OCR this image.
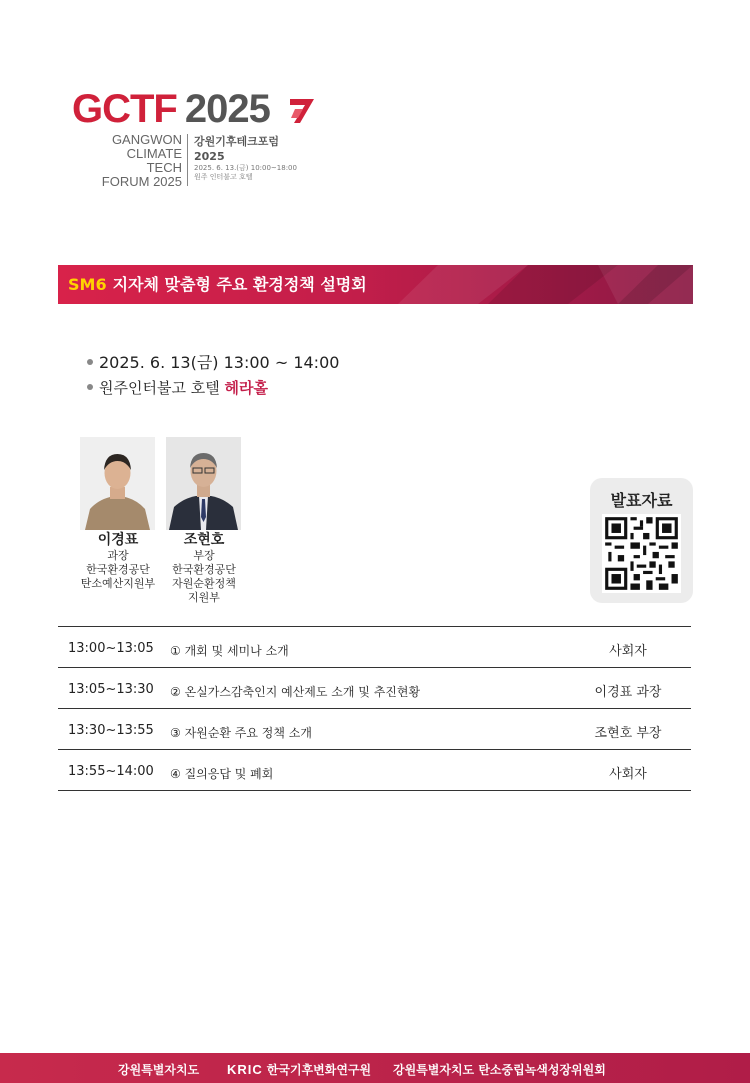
GCTF 2025
GANGWON
CLIMATE
TECH
FORUM 2025
강원기후테크포럼
2025
2025. 6. 13.(금) 10:00~18:00
원주 인터불고 호텔
SM6 지자체 맞춤형 주요 환경정책 설명회
2025. 6. 13(금) 13:00 ~ 14:00
원주인터불고 호텔 헤라홀
이경표
과장
한국환경공단
탄소예산지원부
조현호
부장
한국환경공단
자원순환정책
지원부
발표자료
13:00~13:05 ① 개회 및 세미나 소개	사회자
13:05~13:30 ② 온실가스감축인지 예산제도 소개 및 추진현황	이경표 과장
13:30~13:55 ③ 자원순환 주요 정책 소개	조현호 부장
13:55~14:00 ④ 질의응답 및 폐회	사회자
강원특별자치도 KRIC 한국기후변화연구원 강원특별자치도 탄소중립녹색성장위원회
